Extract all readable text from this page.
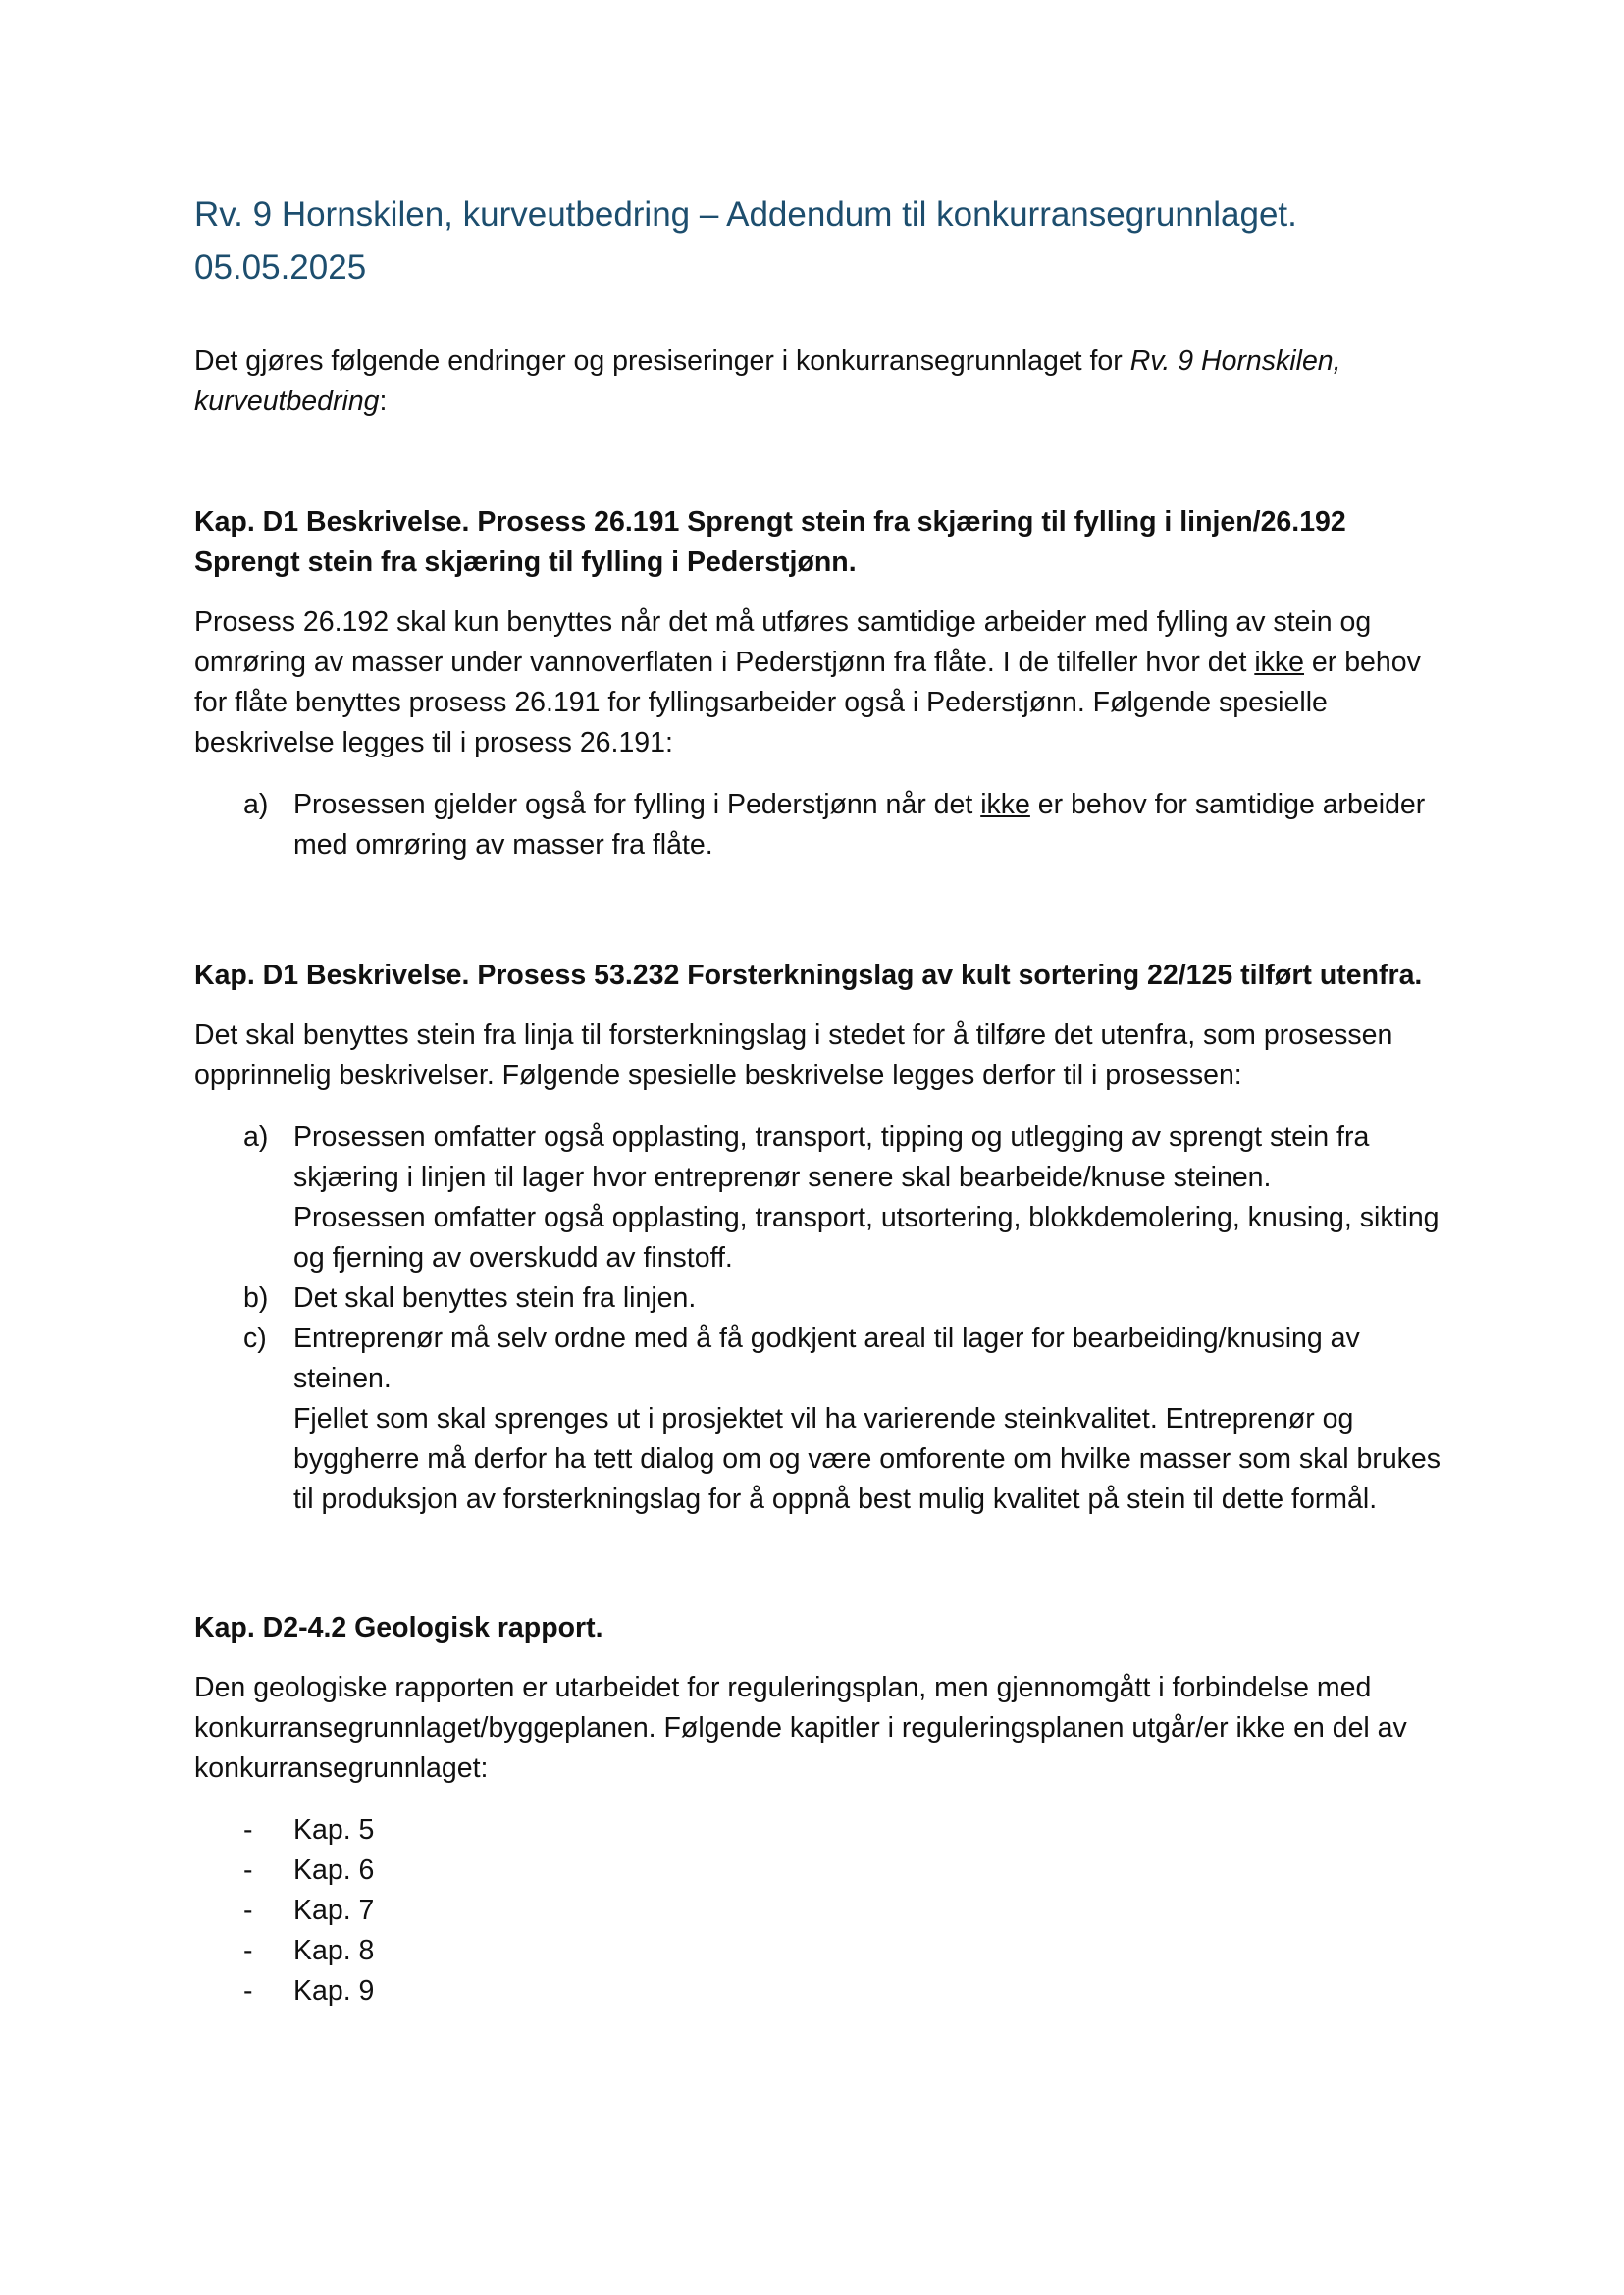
Rv. 9 Hornskilen, kurveutbedring – Addendum til konkurransegrunnlaget.
05.05.2025

Det gjøres følgende endringer og presiseringer i konkurransegrunnlaget for Rv. 9 Hornskilen, kurveutbedring:

Kap. D1 Beskrivelse. Prosess 26.191 Sprengt stein fra skjæring til fylling i linjen/26.192 Sprengt stein fra skjæring til fylling i Pederstjønn.

Prosess 26.192 skal kun benyttes når det må utføres samtidige arbeider med fylling av stein og omrøring av masser under vannoverflaten i Pederstjønn fra flåte. I de tilfeller hvor det ikke er behov for flåte benyttes prosess 26.191 for fyllingsarbeider også i Pederstjønn. Følgende spesielle beskrivelse legges til i prosess 26.191:

a) Prosessen gjelder også for fylling i Pederstjønn når det ikke er behov for samtidige arbeider med omrøring av masser fra flåte.

Kap. D1 Beskrivelse. Prosess 53.232 Forsterkningslag av kult sortering 22/125 tilført utenfra.

Det skal benyttes stein fra linja til forsterkningslag i stedet for å tilføre det utenfra, som prosessen opprinnelig beskrivelser. Følgende spesielle beskrivelse legges derfor til i prosessen:

a) Prosessen omfatter også opplasting, transport, tipping og utlegging av sprengt stein fra skjæring i linjen til lager hvor entreprenør senere skal bearbeide/knuse steinen.
Prosessen omfatter også opplasting, transport, utsortering, blokkdemolering, knusing, sikting og fjerning av overskudd av finstoff.
b) Det skal benyttes stein fra linjen.
c) Entreprenør må selv ordne med å få godkjent areal til lager for bearbeiding/knusing av steinen.
Fjellet som skal sprenges ut i prosjektet vil ha varierende steinkvalitet. Entreprenør og byggherre må derfor ha tett dialog om og være omforente om hvilke masser som skal brukes til produksjon av forsterkningslag for å oppnå best mulig kvalitet på stein til dette formål.

Kap. D2-4.2 Geologisk rapport.

Den geologiske rapporten er utarbeidet for reguleringsplan, men gjennomgått i forbindelse med konkurransegrunnlaget/byggeplanen. Følgende kapitler i reguleringsplanen utgår/er ikke en del av konkurransegrunnlaget:

- Kap. 5
- Kap. 6
- Kap. 7
- Kap. 8
- Kap. 9
